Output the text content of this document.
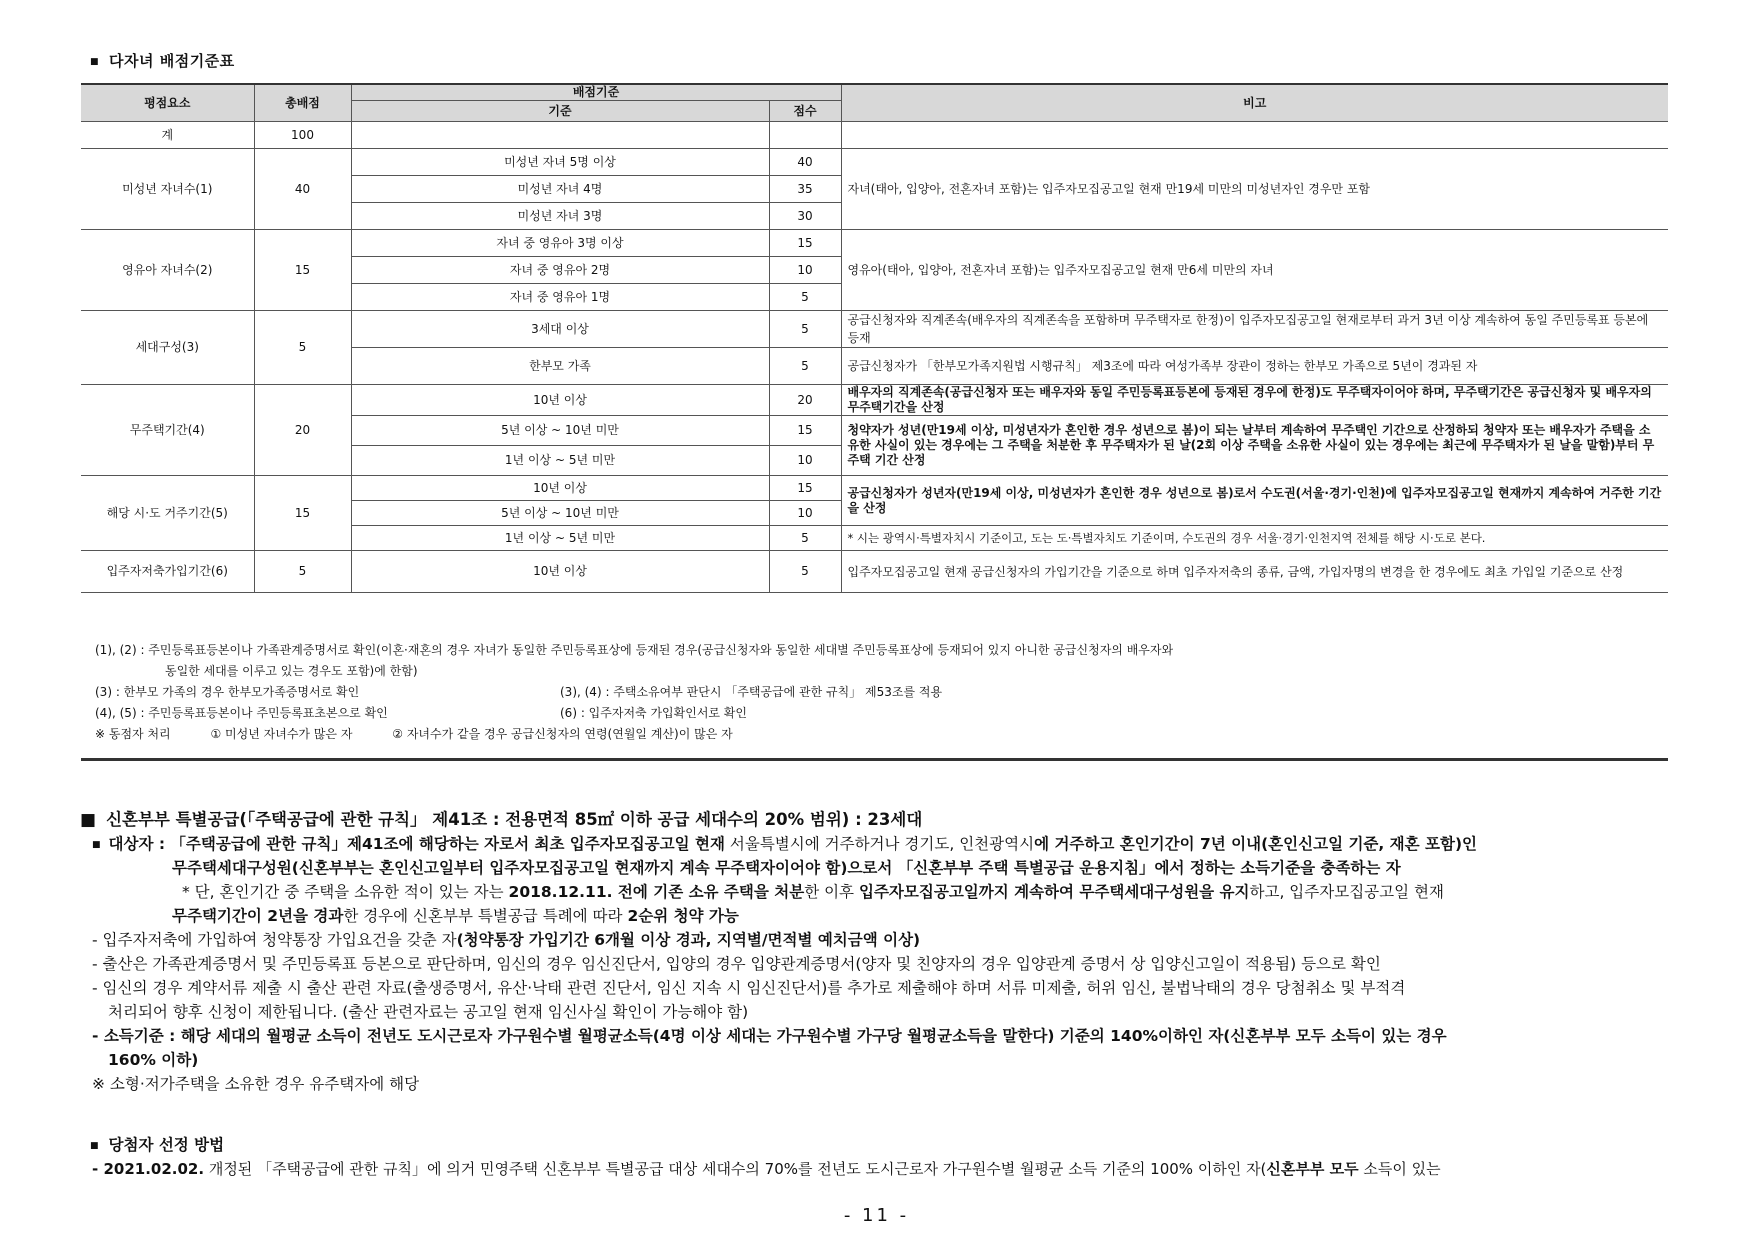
■ 다자녀 배점기준표
평점요소	총배점	배점기준		비고
		기준	점수	
계	100			
미성년 자녀수(1)	40	미성년 자녀 5명 이상	40	자녀(태아, 입양아, 전혼자녀 포함)는 입주자모집공고일 현재 만19세 미만의 미성년자인 경우만 포함
		미성년 자녀 4명	35	
		미성년 자녀 3명	30	
영유아 자녀수(2)	15	자녀 중 영유아 3명 이상	15	영유아(태아, 입양아, 전혼자녀 포함)는 입주자모집공고일 현재 만6세 미만의 자녀
		자녀 중 영유아 2명	10	
		자녀 중 영유아 1명	5	
세대구성(3)	5	3세대 이상	5	공급신청자와 직계존속(배우자의 직계존속을 포함하며 무주택자로 한정)이 입주자모집공고일 현재로부터 과거 3년 이상 계속하여 동일 주민등록표 등본에 등재
		한부모 가족	5	공급신청자가 「한부모가족지원법 시행규칙」 제3조에 따라 여성가족부 장관이 정하는 한부모 가족으로 5년이 경과된 자
무주택기간(4)	20	10년 이상	20	배우자의 직계존속(공급신청자 또는 배우자와 동일 주민등록표등본에 등재된 경우에 한정)도 무주택자이어야 하며, 무주택기간은 공급신청자 및 배우자의 무주택기간을 산정
		5년 이상 ~ 10년 미만	15	청약자가 성년(만19세 이상, 미성년자가 혼인한 경우 성년으로 봄)이 되는 날부터 계속하여 무주택인 기간으로 산정하되 청약자 또는 배우자가 주택을 소유한 사실이 있는 경우에는 그 주택을 처분한 후 무주택자가 된 날(2회 이상 주택을 소유한 사실이 있는 경우에는 최근에 무주택자가 된 날을 말함)부터 무주택 기간 산정
		1년 이상 ~ 5년 미만	10	
해당 시·도 거주기간(5)	15	10년 이상	15	공급신청자가 성년자(만19세 이상, 미성년자가 혼인한 경우 성년으로 봄)로서 수도권(서울·경기·인천)에 입주자모집공고일 현재까지 계속하여 거주한 기간을 산정
		5년 이상 ~ 10년 미만	10	
		1년 이상 ~ 5년 미만	5	* 시는 광역시·특별자치시 기준이고, 도는 도·특별자치도 기준이며, 수도권의 경우 서울·경기·인천지역 전체를 해당 시·도로 본다.
입주자저축가입기간(6)	5	10년 이상	5	입주자모집공고일 현재 공급신청자의 가입기간을 기준으로 하며 입주자저축의 종류, 금액, 가입자명의 변경을 한 경우에도 최초 가입일 기준으로 산정
(1), (2) : 주민등록표등본이나 가족관계증명서로 확인(이혼·재혼의 경우 자녀가 동일한 주민등록표상에 등재된 경우(공급신청자와 동일한 세대별 주민등록표상에 등재되어 있지 아니한 공급신청자의 배우자와
동일한 세대를 이루고 있는 경우도 포함)에 한함)
(3) : 한부모 가족의 경우 한부모가족증명서로 확인	(3), (4) : 주택소유여부 판단시 「주택공급에 관한 규칙」 제53조를 적용
(4), (5) : 주민등록표등본이나 주민등록표초본으로 확인	(6) : 입주자저축 가입확인서로 확인
※ 동점자 처리	① 미성년 자녀수가 많은 자	② 자녀수가 같을 경우 공급신청자의 연령(연월일 계산)이 많은 자
■ 신혼부부 특별공급(「주택공급에 관한 규칙」 제41조 : 전용면적 85㎡ 이하 공급 세대수의 20% 범위) : 23세대
■ 대상자 : 「주택공급에 관한 규칙」제41조에 해당하는 자로서 최초 입주자모집공고일 현재 서울특별시에 거주하거나 경기도, 인천광역시에 거주하고 혼인기간이 7년 이내(혼인신고일 기준, 재혼 포함)인
무주택세대구성원(신혼부부는 혼인신고일부터 입주자모집공고일 현재까지 계속 무주택자이어야 함)으로서 「신혼부부 주택 특별공급 운용지침」에서 정하는 소득기준을 충족하는 자
* 단, 혼인기간 중 주택을 소유한 적이 있는 자는 2018.12.11. 전에 기존 소유 주택을 처분한 이후 입주자모집공고일까지 계속하여 무주택세대구성원을 유지하고, 입주자모집공고일 현재
무주택기간이 2년을 경과한 경우에 신혼부부 특별공급 특례에 따라 2순위 청약 가능
- 입주자저축에 가입하여 청약통장 가입요건을 갖춘 자(청약통장 가입기간 6개월 이상 경과, 지역별/면적별 예치금액 이상)
- 출산은 가족관계증명서 및 주민등록표 등본으로 판단하며, 임신의 경우 임신진단서, 입양의 경우 입양관계증명서(양자 및 친양자의 경우 입양관계 증명서 상 입양신고일이 적용됨) 등으로 확인
- 임신의 경우 계약서류 제출 시 출산 관련 자료(출생증명서, 유산·낙태 관련 진단서, 임신 지속 시 임신진단서)를 추가로 제출해야 하며 서류 미제출, 허위 임신, 불법낙태의 경우 당첨취소 및 부적격
처리되어 향후 신청이 제한됩니다. (출산 관련자료는 공고일 현재 임신사실 확인이 가능해야 함)
- 소득기준 : 해당 세대의 월평균 소득이 전년도 도시근로자 가구원수별 월평균소득(4명 이상 세대는 가구원수별 가구당 월평균소득을 말한다) 기준의 140%이하인 자(신혼부부 모두 소득이 있는 경우
160% 이하)
※ 소형·저가주택을 소유한 경우 유주택자에 해당
■ 당첨자 선정 방법
- 2021.02.02. 개정된 「주택공급에 관한 규칙」에 의거 민영주택 신혼부부 특별공급 대상 세대수의 70%를 전년도 도시근로자 가구원수별 월평균 소득 기준의 100% 이하인 자(신혼부부 모두 소득이 있는
- 11 -
